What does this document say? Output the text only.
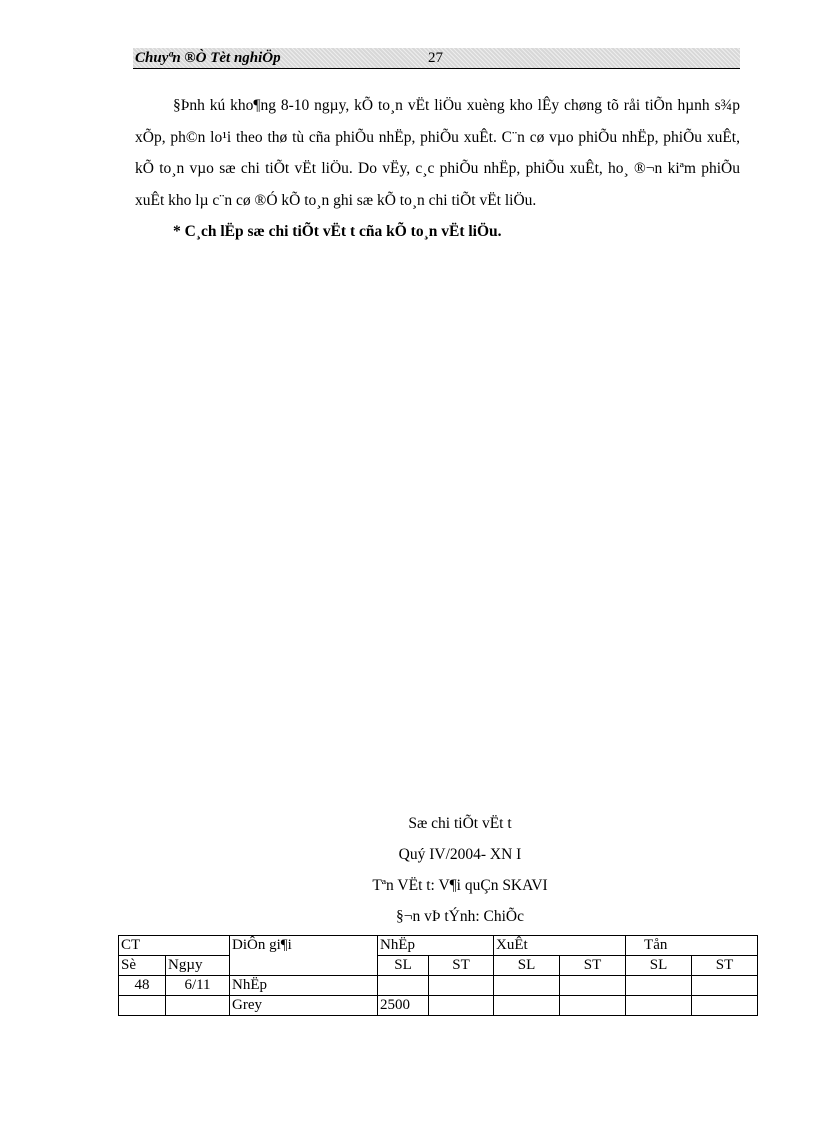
Chuyªn ®Ò Tèt nghiÖp	27

§Þnh kú kho¶ng 8-10 ngµy, kÕ to¸n vËt liÖu xuèng kho lÊy chøng tõ råi tiÕn hµnh s¾p xÕp, ph©n lo¹i theo thø tù cña phiÕu nhËp, phiÕu xuÊt. C¨n cø vµo phiÕu nhËp, phiÕu xuÊt, kÕ to¸n vµo sæ chi tiÕt vËt liÖu. Do vËy, c¸c phiÕu nhËp, phiÕu xuÊt, ho¸ ®¬n kiªm phiÕu xuÊt kho lµ c¨n cø ®Ó kÕ to¸n ghi sæ kÕ to¸n chi tiÕt vËt liÖu.

* C¸ch lËp sæ chi tiÕt vËt t cña kÕ to¸n vËt liÖu.

Sæ chi tiÕt vËt t
Quý IV/2004- XN I
Tªn VËt t: V¶i quÇn SKAVI
§¬n vÞ tÝnh: ChiÕc
CT		DiÔn gi¶i	NhËp		XuÊt		Tån	
Sè	Ngµy		SL	ST	SL	ST	SL	ST
48	6/11	NhËp						
		Grey	2500					
